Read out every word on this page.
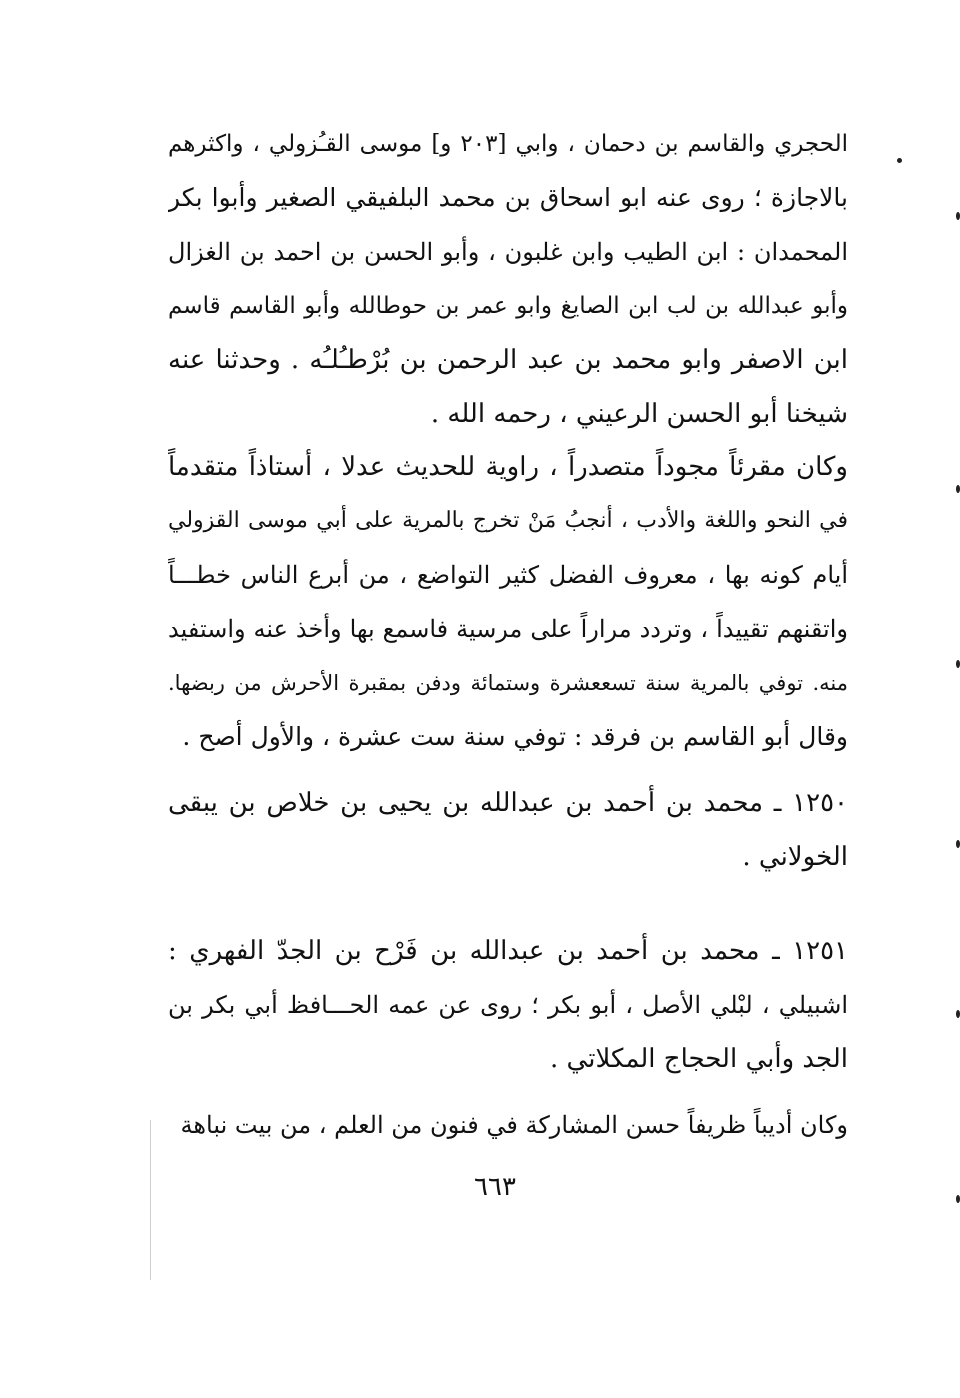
الحجري والقاسم بن دحمان ، وابي [٢٠٣ و] موسى القـُزولي ، واكثرهم
بالاجازة ؛ روى عنه ابو اسحاق بن محمد البلفيقي الصغير وأبوا بكر
المحمدان : ابن الطيب وابن غلبون ، وأبو الحسن بن احمد بن الغزال
وأبو عبدالله بن لب ابن الصايغ وابو عمر بن حوطالله وأبو القاسم قاسم
ابن الاصفر وابو محمد بن عبد الرحمن بن بُرْطـُلـُه . وحدثنا عنه
شيخنا أبو الحسن الرعيني ، رحمه الله .
وكان مقرئاً مجوداً متصدراً ، راوية للحديث عدلا ، أستاذاً متقدماً
في النحو واللغة والأدب ، أنجبُ مَنْ تخرج بالمرية على أبي موسى القزولي
أيام كونه بها ، معروف الفضل كثير التواضع ، من أبرع الناس خطـــاً
واتقنهم تقييداً ، وتردد مراراً على مرسية فاسمع بها وأخذ عنه واستفيد
منه. توفي بالمرية سنة تسععشرة وستمائة ودفن بمقبرة الأحرش من ربضها.
وقال أبو القاسم بن فرقد : توفي سنة ست عشرة ، والأول أصح .
١٢٥٠ ـ محمد بن أحمد بن عبدالله بن يحيى بن خلاص بن يبقى
الخولاني .
١٢٥١ ـ محمد بن أحمد بن عبدالله بن فَرْح بن الجدّ الفهري :
اشبيلي ، لبْلي الأصل ، أبو بكر ؛ روى عن عمه الحـــافظ أبي بكر بن
الجد وأبي الحجاج المكلاتي .
وكان أديباً ظريفاً حسن المشاركة في فنون من العلم ، من بيت نباهة
٦٦٣
